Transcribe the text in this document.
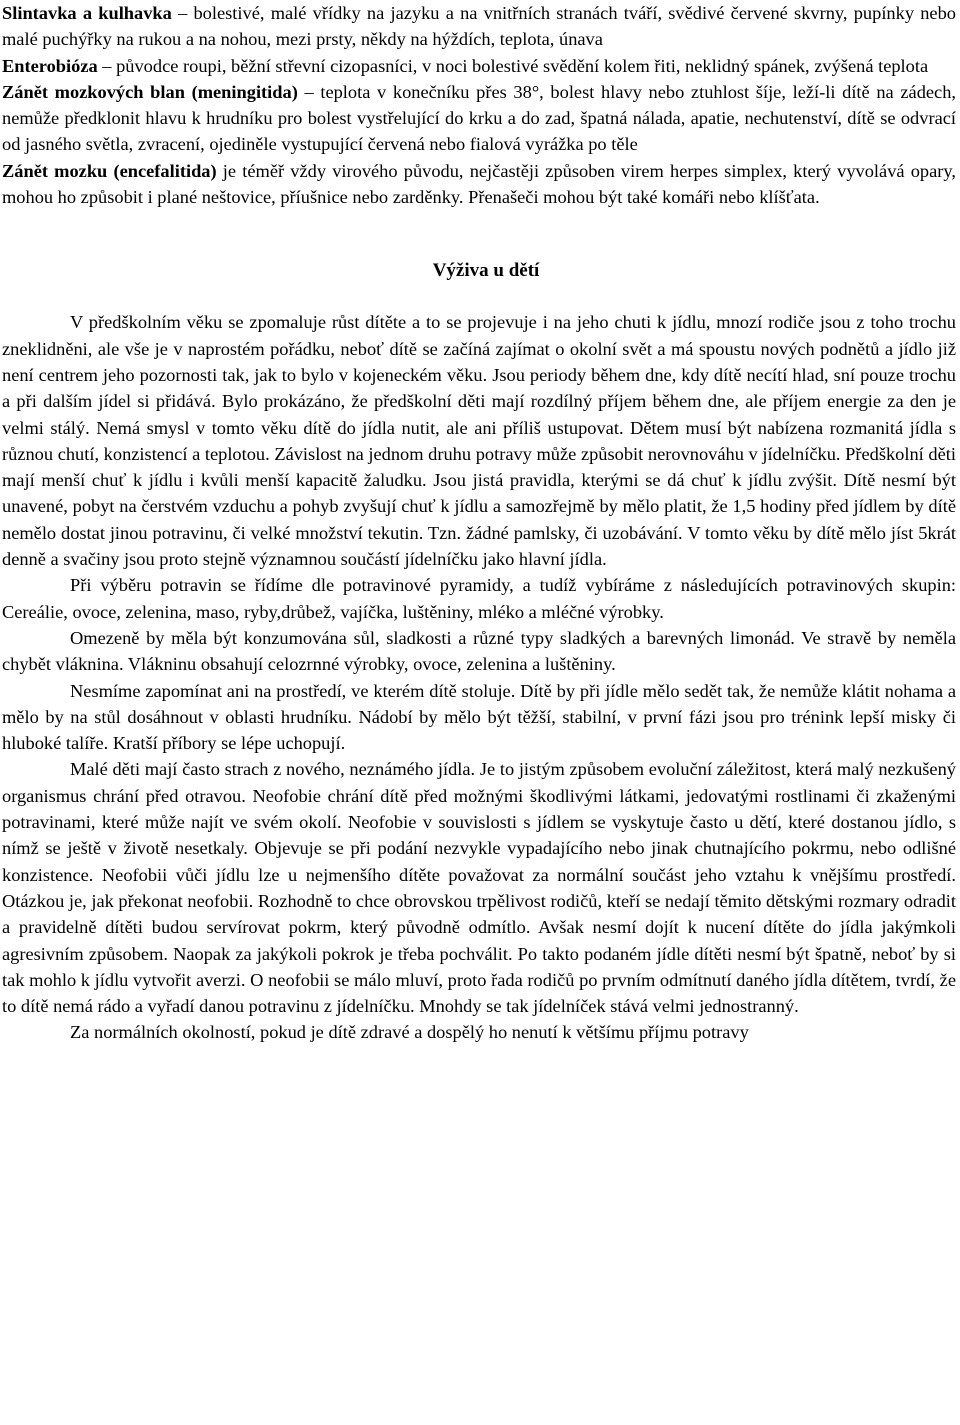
Slintavka a kulhavka – bolestivé, malé vřídky na jazyku a na vnitřních stranách tváří, svědivé červené skvrny, pupínky nebo malé puchýřky na rukou a na nohou, mezi prsty, někdy na hýždích, teplota, únava

Enterobióza – původce roupi, běžní střevní cizopasníci, v noci bolestivé svědění kolem řiti, neklidný spánek, zvýšená teplota

Zánět mozkových blan (meningitida) – teplota v konečníku přes 38°, bolest hlavy nebo ztuhlost šíje, leží-li dítě na zádech, nemůže předklonit hlavu k hrudníku pro bolest vystřelující do krku a do zad, špatná nálada, apatie, nechutenství, dítě se odvrací od jasného světla, zvracení, ojediněle vystupující červená nebo fialová vyrážka po těle

Zánět mozku (encefalitida) je téměř vždy virového původu, nejčastěji způsoben virem herpes simplex, který vyvolává opary, mohou ho způsobit i plané neštovice, příušnice nebo zarděnky. Přenašeči mohou být také komáři nebo klíšťata.

Výživa u dětí

V předškolním věku se zpomaluje růst dítěte a to se projevuje i na jeho chuti k jídlu, mnozí rodiče jsou z toho trochu zneklidněni, ale vše je v naprostém pořádku, neboť dítě se začíná zajímat o okolní svět a má spoustu nových podnětů a jídlo již není centrem jeho pozornosti tak, jak to bylo v kojeneckém věku. Jsou periody během dne, kdy dítě necítí hlad, sní pouze trochu a při dalším jídel si přidává. Bylo prokázáno, že předškolní děti mají rozdílný příjem během dne, ale příjem energie za den je velmi stálý. Nemá smysl v tomto věku dítě do jídla nutit, ale ani příliš ustupovat. Dětem musí být nabízena rozmanitá jídla s různou chutí, konzistencí a teplotou. Závislost na jednom druhu potravy může způsobit nerovnováhu v jídelníčku. Předškolní děti mají menší chuť k jídlu i kvůli menší kapacitě žaludku. Jsou jistá pravidla, kterými se dá chuť k jídlu zvýšit. Dítě nesmí být unavené, pobyt na čerstvém vzduchu a pohyb zvyšují chuť k jídlu a samozřejmě by mělo platit, že 1,5 hodiny před jídlem by dítě nemělo dostat jinou potravinu, či velké množství tekutin. Tzn. žádné pamlsky, či uzobávání. V tomto věku by dítě mělo jíst 5krát denně a svačiny jsou proto stejně významnou součástí jídelníčku jako hlavní jídla.

Při výběru potravin se řídíme dle potravinové pyramidy, a tudíž vybíráme z následujících potravinových skupin: Cereálie, ovoce, zelenina, maso, ryby,drůbež, vajíčka, luštěniny, mléko a mléčné výrobky.

Omezeně by měla být konzumována sůl, sladkosti a různé typy sladkých a barevných limonád. Ve stravě by neměla chybět vláknina. Vlákninu obsahují celozrnné výrobky, ovoce, zelenina a luštěniny.

Nesmíme zapomínat ani na prostředí, ve kterém dítě stoluje. Dítě by při jídle mělo sedět tak, že nemůže klátit nohama a mělo by na stůl dosáhnout v oblasti hrudníku. Nádobí by mělo být těžší, stabilní, v první fázi jsou pro trénink lepší misky či hluboké talíře. Kratší příbory se lépe uchopují.

Malé děti mají často strach z nového, neznámého jídla. Je to jistým způsobem evoluční záležitost, která malý nezkušený organismus chrání před otravou. Neofobie chrání dítě před možnými škodlivými látkami, jedovatými rostlinami či zkaženými potravinami, které může najít ve svém okolí. Neofobie v souvislosti s jídlem se vyskytuje často u dětí, které dostanou jídlo, s nímž se ještě v životě nesetkaly. Objevuje se při podání nezvykle vypadajícího nebo jinak chutnajícího pokrmu, nebo odlišné konzistence. Neofobii vůči jídlu lze u nejmenšího dítěte považovat za normální součást jeho vztahu k vnějšímu prostředí. Otázkou je, jak překonat neofobii. Rozhodně to chce obrovskou trpělivost rodičů, kteří se nedají těmito dětskými rozmary odradit a pravidelně dítěti budou servírovat pokrm, který původně odmítlo. Avšak nesmí dojít k nucení dítěte do jídla jakýmkoli agresivním způsobem. Naopak za jakýkoli pokrok je třeba pochválit. Po takto podaném jídle dítěti nesmí být špatně, neboť by si tak mohlo k jídlu vytvořit averzi. O neofobii se málo mluví, proto řada rodičů po prvním odmítnutí daného jídla dítětem, tvrdí, že to dítě nemá rádo a vyřadí danou potravinu z jídelníčku. Mnohdy se tak jídelníček stává velmi jednostranný.

Za normálních okolností, pokud je dítě zdravé a dospělý ho nenutí k většímu příjmu potravy
